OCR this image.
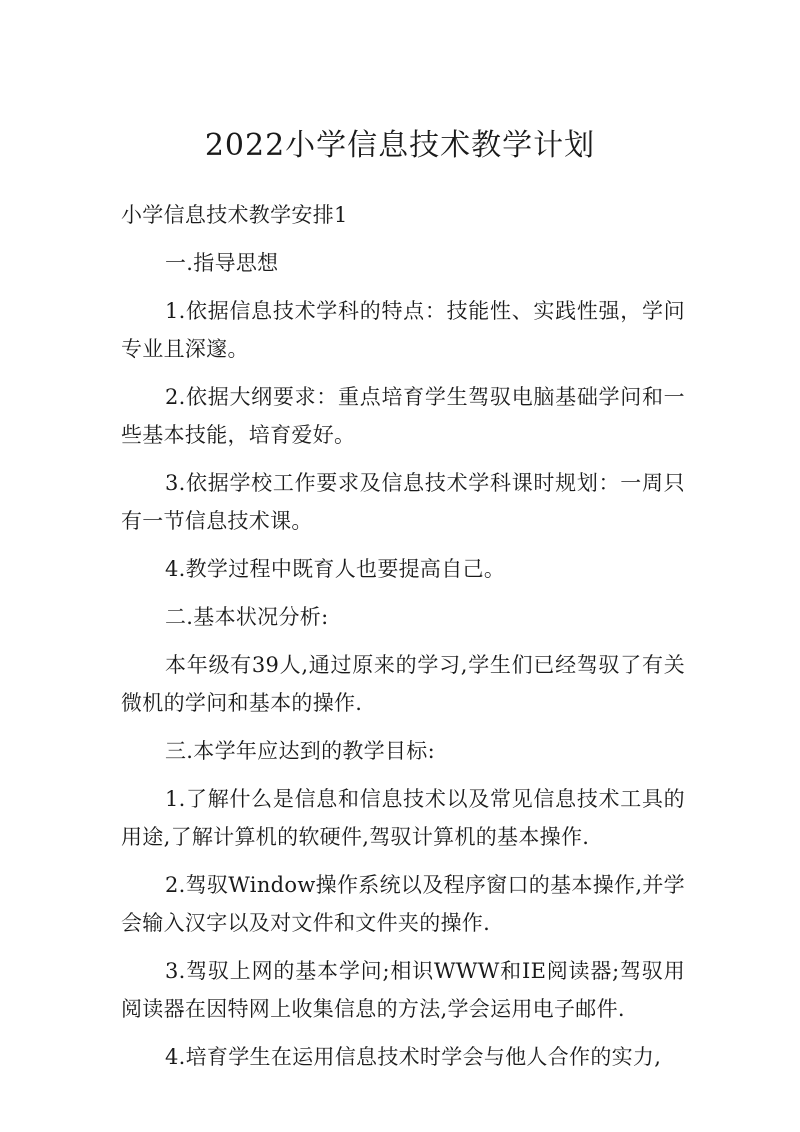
2022小学信息技术教学计划

小学信息技术教学安排1

一.指导思想

1.依据信息技术学科的特点：技能性、实践性强，学问专业且深邃。

2.依据大纲要求：重点培育学生驾驭电脑基础学问和一些基本技能，培育爱好。

3.依据学校工作要求及信息技术学科课时规划：一周只有一节信息技术课。

4.教学过程中既育人也要提高自己。

二.基本状况分析:

本年级有39人,通过原来的学习,学生们已经驾驭了有关微机的学问和基本的操作.

三.本学年应达到的教学目标:

1.了解什么是信息和信息技术以及常见信息技术工具的用途,了解计算机的软硬件,驾驭计算机的基本操作.

2.驾驭Window操作系统以及程序窗口的基本操作,并学会输入汉字以及对文件和文件夹的操作.

3.驾驭上网的基本学问;相识WWW和IE阅读器;驾驭用阅读器在因特网上收集信息的方法,学会运用电子邮件.

4.培育学生在运用信息技术时学会与他人合作的实力,
